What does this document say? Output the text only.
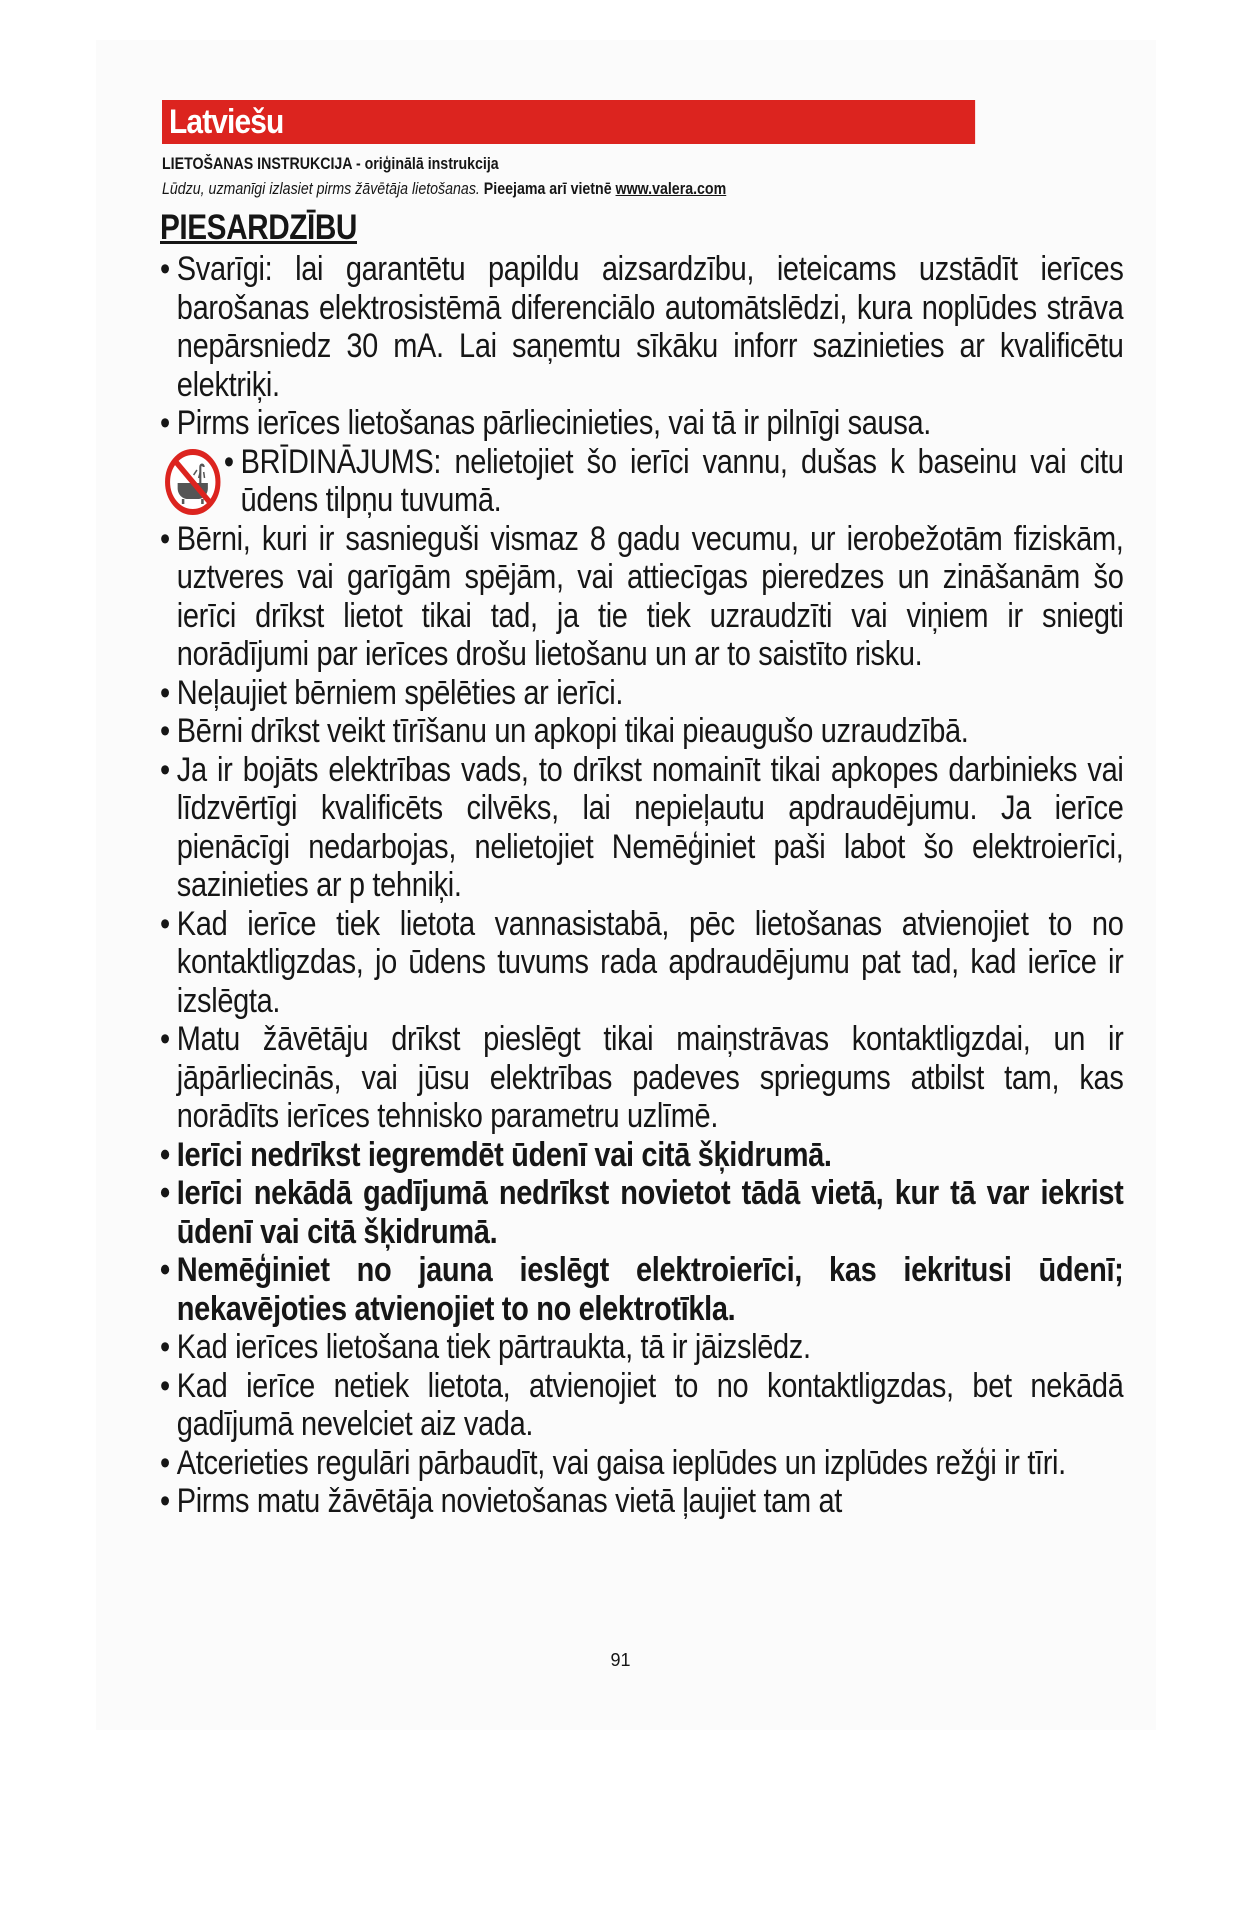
Latviešu
LIETOŠANAS INSTRUKCIJA - oriģinālā instrukcija
Lūdzu, uzmanīgi izlasiet pirms žāvētāja lietošanas. Pieejama arī vietnē www.valera.com
PIESARDZĪBU

• Svarīgi: lai garantētu papildu aizsardzību, ieteicams uzstādīt ierīces barošanas elektrosistēmā diferenciālo automātslēdzi, kura noplūdes strāva nepārsniedz 30 mA. Lai saņemtu sīkāku inforr sazinieties ar kvalificētu elektriķi.

• Pirms ierīces lietošanas pārliecinieties, vai tā ir pilnīgi sausa.

• BRĪDINĀJUMS: nelietojiet šo ierīci vannu, dušas k baseinu vai citu ūdens tilpņu tuvumā.

• Bērni, kuri ir sasnieguši vismaz 8 gadu vecumu, ur ierobežotām fiziskām, uztveres vai garīgām spējām, vai attiecīgas pieredzes un zināšanām šo ierīci drīkst lietot tikai tad, ja tie tiek uzraudzīti vai viņiem ir sniegti norādījumi par ierīces drošu lietošanu un ar to saistīto risku.

• Neļaujiet bērniem spēlēties ar ierīci.

• Bērni drīkst veikt tīrīšanu un apkopi tikai pieaugušo uzraudzībā.

• Ja ir bojāts elektrības vads, to drīkst nomainīt tikai apkopes darbinieks vai līdzvērtīgi kvalificēts cilvēks, lai nepieļautu apdraudējumu. Ja ierīce pienācīgi nedarbojas, nelietojiet Nemēģiniet paši labot šo elektroierīci, sazinieties ar p tehniķi.

• Kad ierīce tiek lietota vannasistabā, pēc lietošanas atvienojiet to no kontaktligzdas, jo ūdens tuvums rada apdraudējumu pat tad, kad ierīce ir izslēgta.

• Matu žāvētāju drīkst pieslēgt tikai maiņstrāvas kontaktligzdai, un ir jāpārliecinās, vai jūsu elektrības padeves spriegums atbilst tam, kas norādīts ierīces tehnisko parametru uzlīmē.

• Ierīci nedrīkst iegremdēt ūdenī vai citā šķidrumā.

• Ierīci nekādā gadījumā nedrīkst novietot tādā vietā, kur tā var iekrist ūdenī vai citā šķidrumā.

• Nemēģiniet no jauna ieslēgt elektroierīci, kas iekritusi ūdenī; nekavējoties atvienojiet to no elektrotīkla.

• Kad ierīces lietošana tiek pārtraukta, tā ir jāizslēdz.

• Kad ierīce netiek lietota, atvienojiet to no kontaktligzdas, bet nekādā gadījumā nevelciet aiz vada.

• Atcerieties regulāri pārbaudīt, vai gaisa ieplūdes un izplūdes režģi ir tīri.

• Pirms matu žāvētāja novietošanas vietā ļaujiet tam at

91
